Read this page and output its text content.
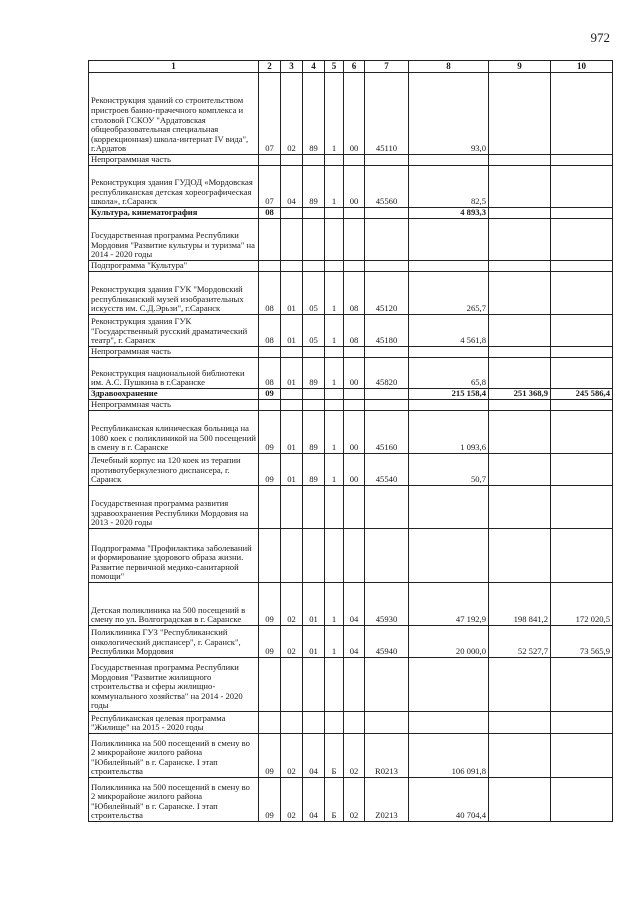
972
1	2	3	4	5	6	7	8	9	10
Реконструкция зданий со строительством пристроев банно-прачечного комплекса и столовой ГСКОУ "Ардатовская общеобразовательная специальная (коррекционная) школа-интернат IV вида", г.Ардатов	07	02	89	1	00	45110	93,0		
Непрограммная часть									
Реконструкция здания ГУДОД «Мордовская республиканская детская хореографическая школа», г.Саранск	07	04	89	1	00	45560	82,5		
Культура, кинематография	08						4 893,3		
Государственная программа Республики Мордовия "Развитие культуры и туризма" на 2014 - 2020 годы									
Подпрограмма "Культура"									
Реконструкция здания ГУК "Мордовский республиканский музей изобразительных искусств им. С.Д.Эрьзи", г.Саранск	08	01	05	1	08	45120	265,7		
Реконструкция здания ГУК "Государственный русский драматический театр", г. Саранск	08	01	05	1	08	45180	4 561,8		
Непрограммная часть									
Реконструкция национальной библиотеки им. А.С. Пушкина в г.Саранске	08	01	89	1	00	45820	65,8		
Здравоохранение	09						215 158,4	251 368,9	245 586,4
Непрограммная часть									
Республиканская клиническая больница на 1080 коек с поликлиникой на 500 посещений в смену в г. Саранске	09	01	89	1	00	45160	1 093,6		
Лечебный корпус на 120 коек из терапии противотуберкулезного диспансера, г. Саранск	09	01	89	1	00	45540	50,7		
Государственная программа развития здравоохранения Республики Мордовия на 2013 - 2020 годы									
Подпрограмма "Профилактика заболеваний и формирование здорового образа жизни. Развитие первичной медико-санитарной помощи"									
Детская поликлиника на 500 посещений в смену по ул. Волгоградская в г. Саранске	09	02	01	1	04	45930	47 192,9	198 841,2	172 020,5
Поликлиника ГУЗ "Республиканский онкологический диспансер", г. Саранск", Республики Мордовия	09	02	01	1	04	45940	20 000,0	52 527,7	73 565,9
Государственная программа Республики Мордовия "Развитие жилищного строительства и сферы жилищно-коммунального хозяйства" на 2014 - 2020 годы									
Республиканская целевая программа "Жилище" на 2015 - 2020 годы									
Поликлиника на 500 посещений в смену во 2 микрорайоне жилого района "Юбилейный" в г. Саранске. I этап строительства	09	02	04	Б	02	R0213	106 091,8		
Поликлиника на 500 посещений в смену во 2 микрорайоне жилого района "Юбилейный" в г. Саранске. I этап строительства	09	02	04	Б	02	Z0213	40 704,4		
